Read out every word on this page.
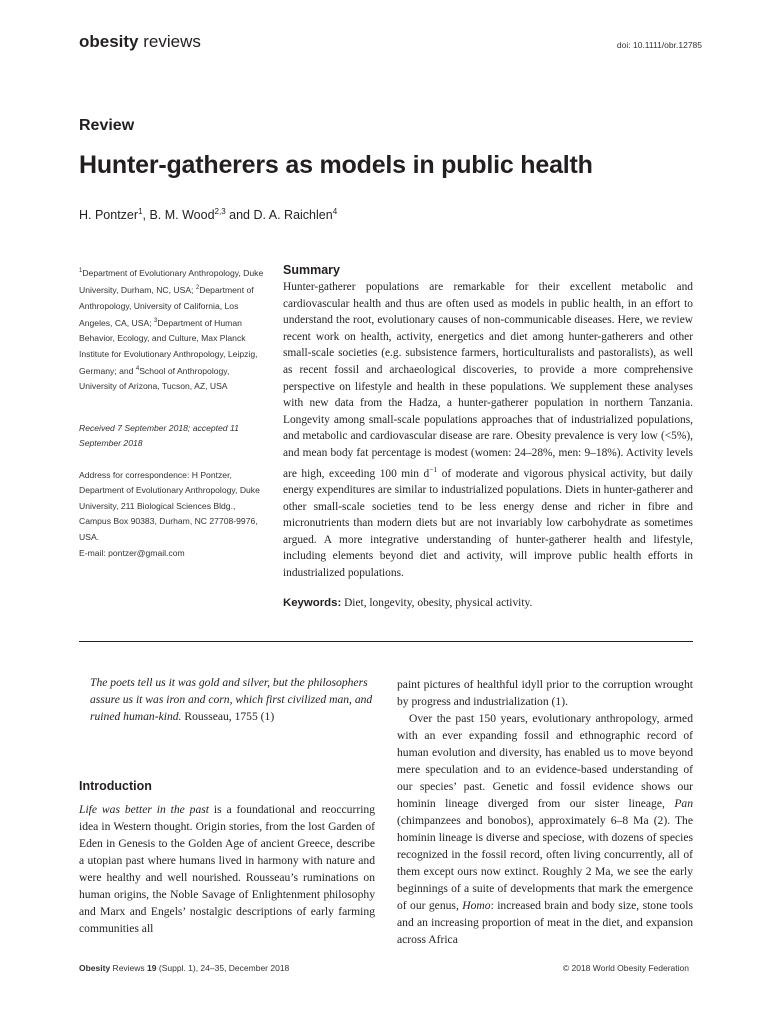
obesity reviews	doi: 10.1111/obr.12785
Review
Hunter-gatherers as models in public health
H. Pontzer$^1$, B. M. Wood$^{2,3}$ and D. A. Raichlen$^4$
$^1$Department of Evolutionary Anthropology, Duke University, Durham, NC, USA; $^2$Department of Anthropology, University of California, Los Angeles, CA, USA; $^3$Department of Human Behavior, Ecology, and Culture, Max Planck Institute for Evolutionary Anthropology, Leipzig, Germany; and $^4$School of Anthropology, University of Arizona, Tucson, AZ, USA
Received 7 September 2018; accepted 11 September 2018
Address for correspondence: H Pontzer, Department of Evolutionary Anthropology, Duke University, 211 Biological Sciences Bldg., Campus Box 90383, Durham, NC 27708-9976, USA.
E-mail: pontzer@gmail.com
Summary
Hunter-gatherer populations are remarkable for their excellent metabolic and cardiovascular health and thus are often used as models in public health, in an effort to understand the root, evolutionary causes of non-communicable diseases. Here, we review recent work on health, activity, energetics and diet among hunter-gatherers and other small-scale societies (e.g. subsistence farmers, horticulturalists and pastoralists), as well as recent fossil and archaeological discoveries, to provide a more comprehensive perspective on lifestyle and health in these populations. We supplement these analyses with new data from the Hadza, a hunter-gatherer population in northern Tanzania. Longevity among small-scale populations approaches that of industrialized populations, and metabolic and cardiovascular disease are rare. Obesity prevalence is very low (<5%), and mean body fat percentage is modest (women: 24–28%, men: 9–18%). Activity levels are high, exceeding 100 $\min d^{-1}$ of moderate and vigorous physical activity, but daily energy expenditures are similar to industrialized populations. Diets in hunter-gatherer and other small-scale societies tend to be less energy dense and richer in fibre and micronutrients than modern diets but are not invariably low carbohydrate as sometimes argued. A more integrative understanding of hunter-gatherer health and lifestyle, including elements beyond diet and activity, will improve public health efforts in industrialized populations.
Keywords: Diet, longevity, obesity, physical activity.
The poets tell us it was gold and silver, but the philosophers assure us it was iron and corn, which first civilized man, and ruined human-kind. Rousseau, 1755 (1)
Introduction
Life was better in the past is a foundational and reoccurring idea in Western thought. Origin stories, from the lost Garden of Eden in Genesis to the Golden Age of ancient Greece, describe a utopian past where humans lived in harmony with nature and were healthy and well nourished. Rousseau’s ruminations on human origins, the Noble Savage of Enlightenment philosophy and Marx and Engels’ nostalgic descriptions of early farming communities all

paint pictures of healthful idyll prior to the corruption wrought by progress and industrialization (1).

Over the past 150 years, evolutionary anthropology, armed with an ever expanding fossil and ethnographic record of human evolution and diversity, has enabled us to move beyond mere speculation and to an evidence-based understanding of our species’ past. Genetic and fossil evidence shows our hominin lineage diverged from our sister lineage, Pan (chimpanzees and bonobos), approximately 6–8 Ma (2). The hominin lineage is diverse and speciose, with dozens of species recognized in the fossil record, often living concurrently, all of them except ours now extinct. Roughly 2 Ma, we see the early beginnings of a suite of developments that mark the emergence of our genus, Homo: increased brain and body size, stone tools and an increasing proportion of meat in the diet, and expansion across Africa

Obesity Reviews 19 (Suppl. 1), 24–35, December 2018	© 2018 World Obesity Federation
